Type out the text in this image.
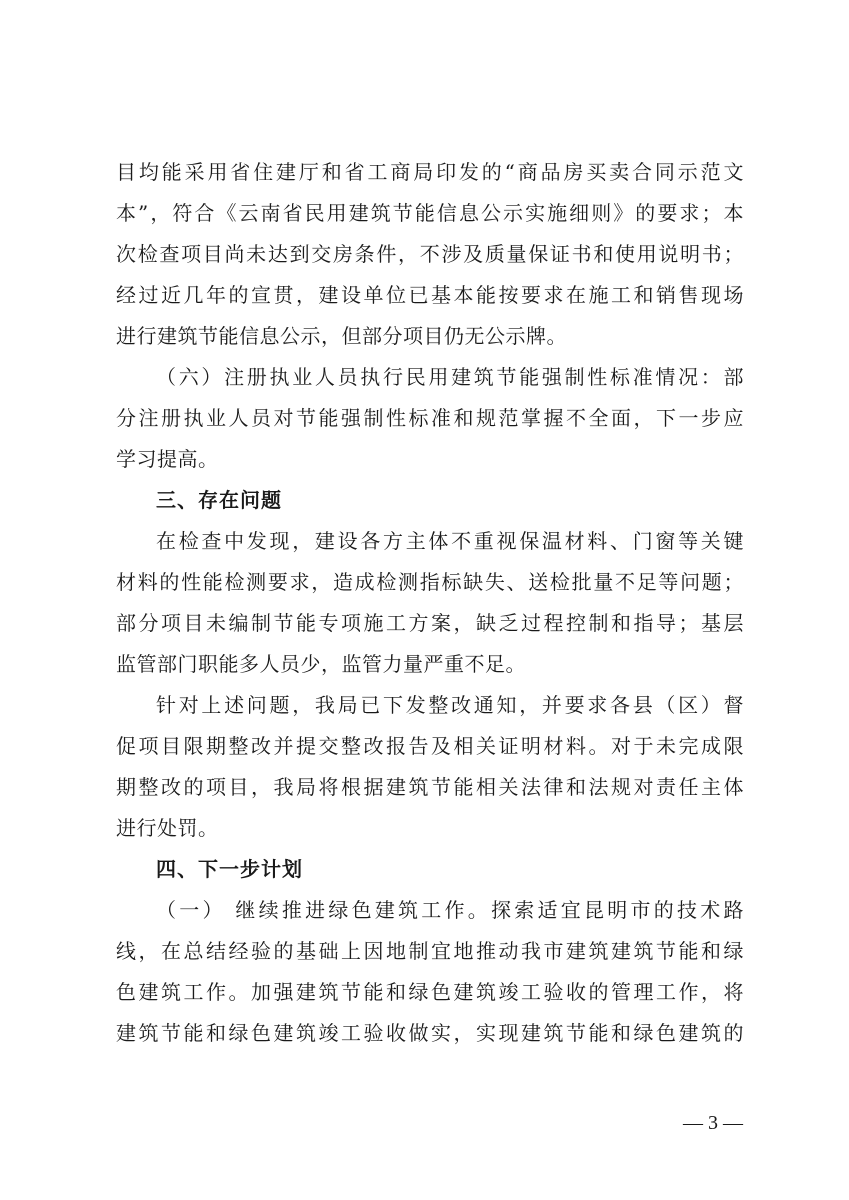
目均能采用省住建厅和省工商局印发的“商品房买卖合同示范文
本”，符合《云南省民用建筑节能信息公示实施细则》的要求；本
次检查项目尚未达到交房条件，不涉及质量保证书和使用说明书；
经过近几年的宣贯，建设单位已基本能按要求在施工和销售现场
进行建筑节能信息公示，但部分项目仍无公示牌。
（六）注册执业人员执行民用建筑节能强制性标准情况：部
分注册执业人员对节能强制性标准和规范掌握不全面，下一步应
学习提高。
三、存在问题
在检查中发现，建设各方主体不重视保温材料、门窗等关键
材料的性能检测要求，造成检测指标缺失、送检批量不足等问题；
部分项目未编制节能专项施工方案，缺乏过程控制和指导；基层
监管部门职能多人员少，监管力量严重不足。
针对上述问题，我局已下发整改通知，并要求各县（区）督
促项目限期整改并提交整改报告及相关证明材料。对于未完成限
期整改的项目，我局将根据建筑节能相关法律和法规对责任主体
进行处罚。
四、下一步计划
（一） 继续推进绿色建筑工作。探索适宜昆明市的技术路
线，在总结经验的基础上因地制宜地推动我市建筑建筑节能和绿
色建筑工作。加强建筑节能和绿色建筑竣工验收的管理工作，将
建筑节能和绿色建筑竣工验收做实，实现建筑节能和绿色建筑的
— 3 —
